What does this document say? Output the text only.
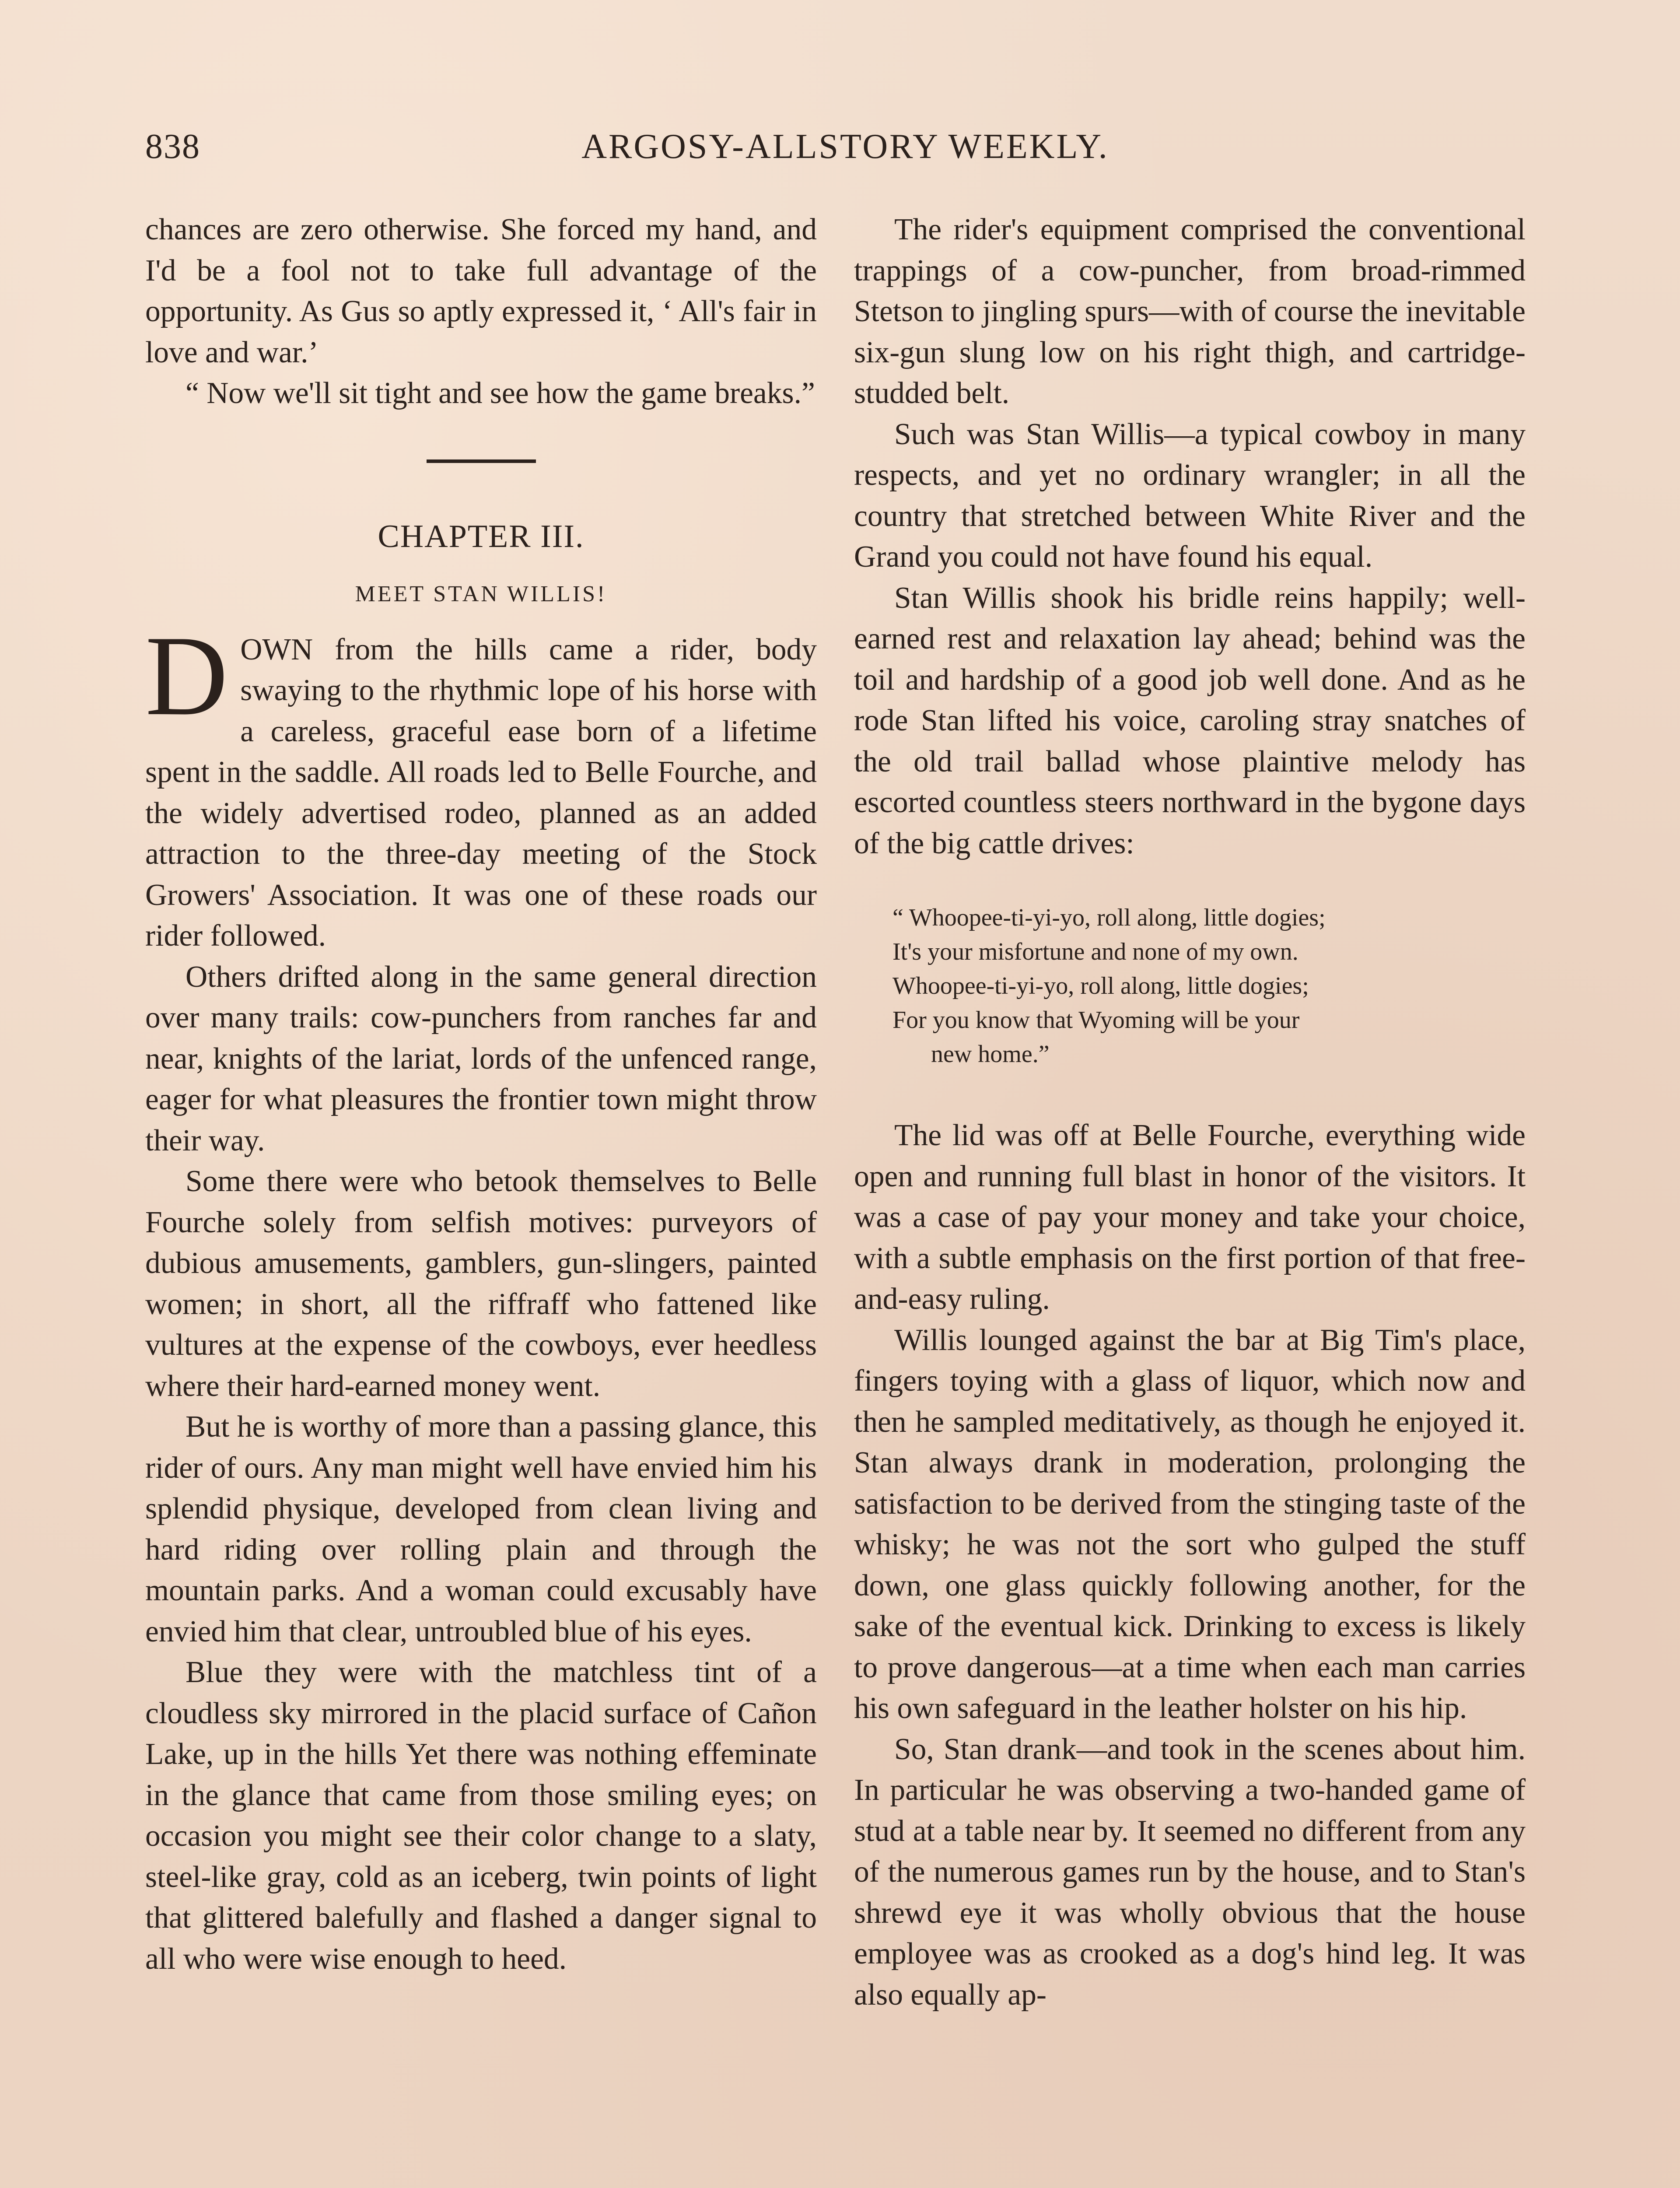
838	ARGOSY-ALLSTORY WEEKLY.

chances are zero otherwise. She forced my hand, and I'd be a fool not to take full advantage of the opportunity. As Gus so aptly expressed it, ‘ All's fair in love and war.’

“ Now we'll sit tight and see how the game breaks.”

CHAPTER III.
MEET STAN WILLIS!

DOWN from the hills came a rider, body swaying to the rhythmic lope of his horse with a careless, graceful ease born of a lifetime spent in the saddle. All roads led to Belle Fourche, and the widely advertised rodeo, planned as an added attraction to the three-day meeting of the Stock Growers' Association. It was one of these roads our rider followed.

Others drifted along in the same general direction over many trails: cow-punchers from ranches far and near, knights of the lariat, lords of the unfenced range, eager for what pleasures the frontier town might throw their way.

Some there were who betook themselves to Belle Fourche solely from selfish motives: purveyors of dubious amusements, gamblers, gun-slingers, painted women; in short, all the riffraff who fattened like vultures at the expense of the cowboys, ever heedless where their hard-earned money went.

But he is worthy of more than a passing glance, this rider of ours. Any man might well have envied him his splendid physique, developed from clean living and hard riding over rolling plain and through the mountain parks. And a woman could excusably have envied him that clear, untroubled blue of his eyes.

Blue they were with the matchless tint of a cloudless sky mirrored in the placid surface of Cañon Lake, up in the hills Yet there was nothing effeminate in the glance that came from those smiling eyes; on occasion you might see their color change to a slaty, steel-like gray, cold as an iceberg, twin points of light that glittered balefully and flashed a danger signal to all who were wise enough to heed.

The rider's equipment comprised the conventional trappings of a cow-puncher, from broad-rimmed Stetson to jingling spurs—with of course the inevitable six-gun slung low on his right thigh, and cartridge-studded belt.

Such was Stan Willis—a typical cowboy in many respects, and yet no ordinary wrangler; in all the country that stretched between White River and the Grand you could not have found his equal.

Stan Willis shook his bridle reins happily; well-earned rest and relaxation lay ahead; behind was the toil and hardship of a good job well done. And as he rode Stan lifted his voice, caroling stray snatches of the old trail ballad whose plaintive melody has escorted countless steers northward in the bygone days of the big cattle drives:

“ Whoopee-ti-yi-yo, roll along, little dogies;
It's your misfortune and none of my own.
Whoopee-ti-yi-yo, roll along, little dogies;
For you know that Wyoming will be your
new home.”

The lid was off at Belle Fourche, everything wide open and running full blast in honor of the visitors. It was a case of pay your money and take your choice, with a subtle emphasis on the first portion of that free-and-easy ruling.

Willis lounged against the bar at Big Tim's place, fingers toying with a glass of liquor, which now and then he sampled meditatively, as though he enjoyed it. Stan always drank in moderation, prolonging the satisfaction to be derived from the stinging taste of the whisky; he was not the sort who gulped the stuff down, one glass quickly following another, for the sake of the eventual kick. Drinking to excess is likely to prove dangerous—at a time when each man carries his own safeguard in the leather holster on his hip.

So, Stan drank—and took in the scenes about him. In particular he was observing a two-handed game of stud at a table near by. It seemed no different from any of the numerous games run by the house, and to Stan's shrewd eye it was wholly obvious that the house employee was as crooked as a dog's hind leg. It was also equally ap-
